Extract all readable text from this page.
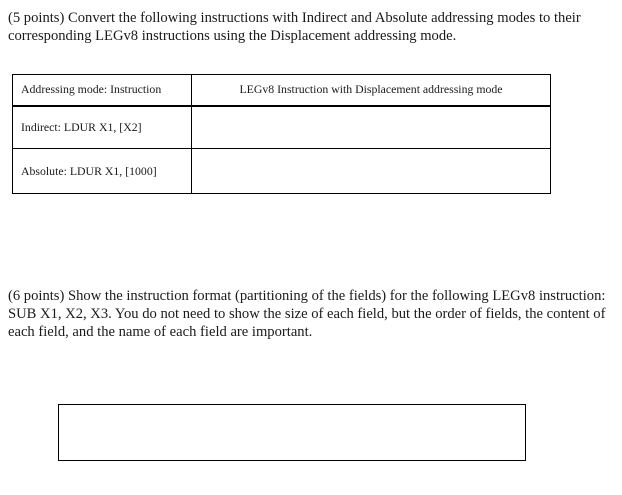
(5 points) Convert the following instructions with Indirect and Absolute addressing modes to their corresponding LEGv8 instructions using the Displacement addressing mode.

Addressing mode: Instruction	LEGv8 Instruction with Displacement addressing mode
Indirect: LDUR X1, [X2]	
Absolute: LDUR X1, [1000]	

(6 points) Show the instruction format (partitioning of the fields) for the following LEGv8 instruction: SUB X1, X2, X3. You do not need to show the size of each field, but the order of fields, the content of each field, and the name of each field are important.
